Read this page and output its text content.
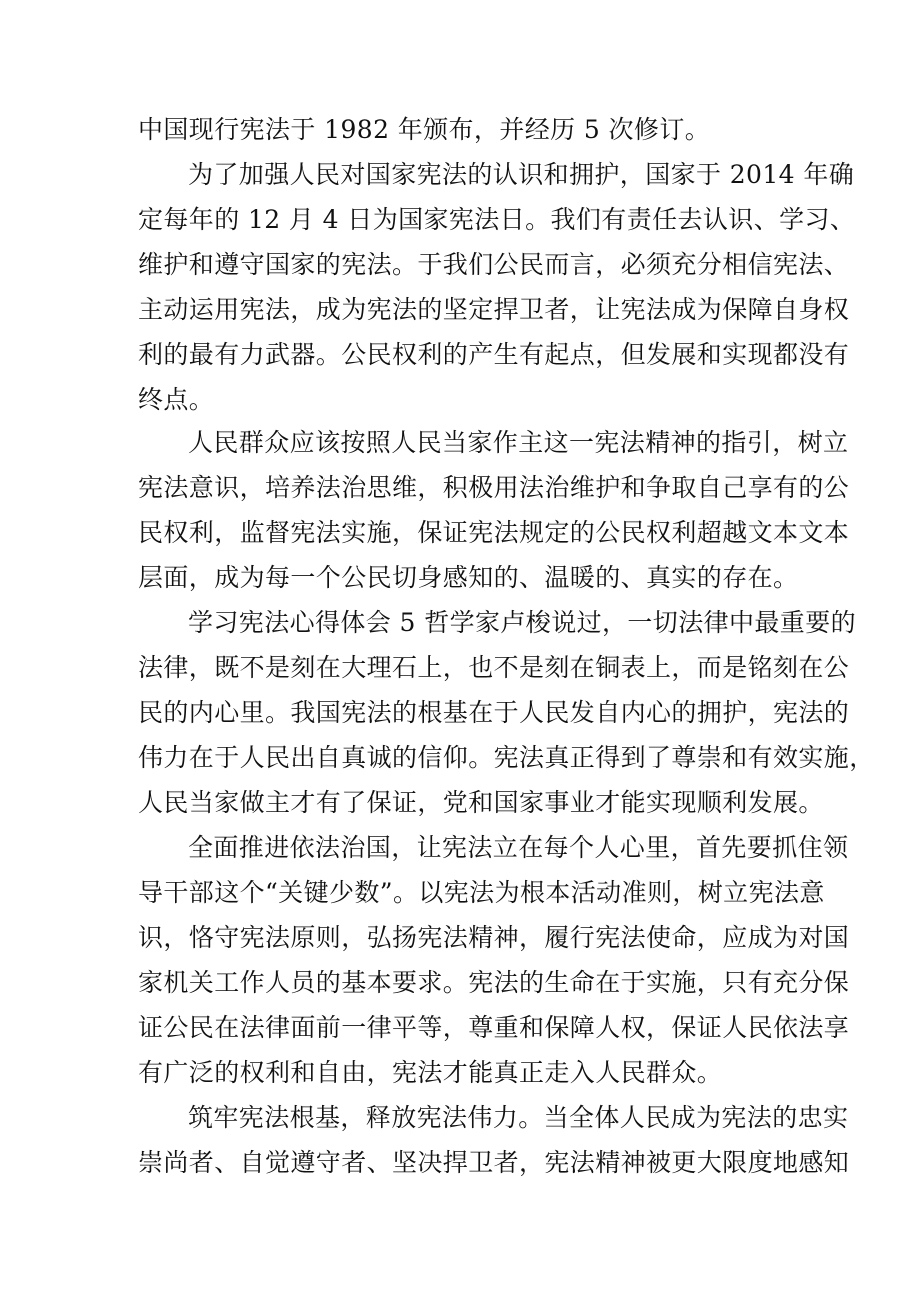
中国现行宪法于 1982 年颁布，并经历 5 次修订。
为了加强人民对国家宪法的认识和拥护，国家于 2014 年确
定每年的 12 月 4 日为国家宪法日。我们有责任去认识、学习、
维护和遵守国家的宪法。于我们公民而言，必须充分相信宪法、
主动运用宪法，成为宪法的坚定捍卫者，让宪法成为保障自身权
利的最有力武器。公民权利的产生有起点，但发展和实现都没有
终点。
人民群众应该按照人民当家作主这一宪法精神的指引，树立
宪法意识，培养法治思维，积极用法治维护和争取自己享有的公
民权利，监督宪法实施，保证宪法规定的公民权利超越文本文本
层面，成为每一个公民切身感知的、温暖的、真实的存在。
学习宪法心得体会 5 哲学家卢梭说过，一切法律中最重要的
法律，既不是刻在大理石上，也不是刻在铜表上，而是铭刻在公
民的内心里。我国宪法的根基在于人民发自内心的拥护，宪法的
伟力在于人民出自真诚的信仰。宪法真正得到了尊崇和有效实施，
人民当家做主才有了保证，党和国家事业才能实现顺利发展。
全面推进依法治国，让宪法立在每个人心里，首先要抓住领
导干部这个“关键少数”。以宪法为根本活动准则，树立宪法意
识，恪守宪法原则，弘扬宪法精神，履行宪法使命，应成为对国
家机关工作人员的基本要求。宪法的生命在于实施，只有充分保
证公民在法律面前一律平等，尊重和保障人权，保证人民依法享
有广泛的权利和自由，宪法才能真正走入人民群众。
筑牢宪法根基，释放宪法伟力。当全体人民成为宪法的忠实
崇尚者、自觉遵守者、坚决捍卫者，宪法精神被更大限度地感知
